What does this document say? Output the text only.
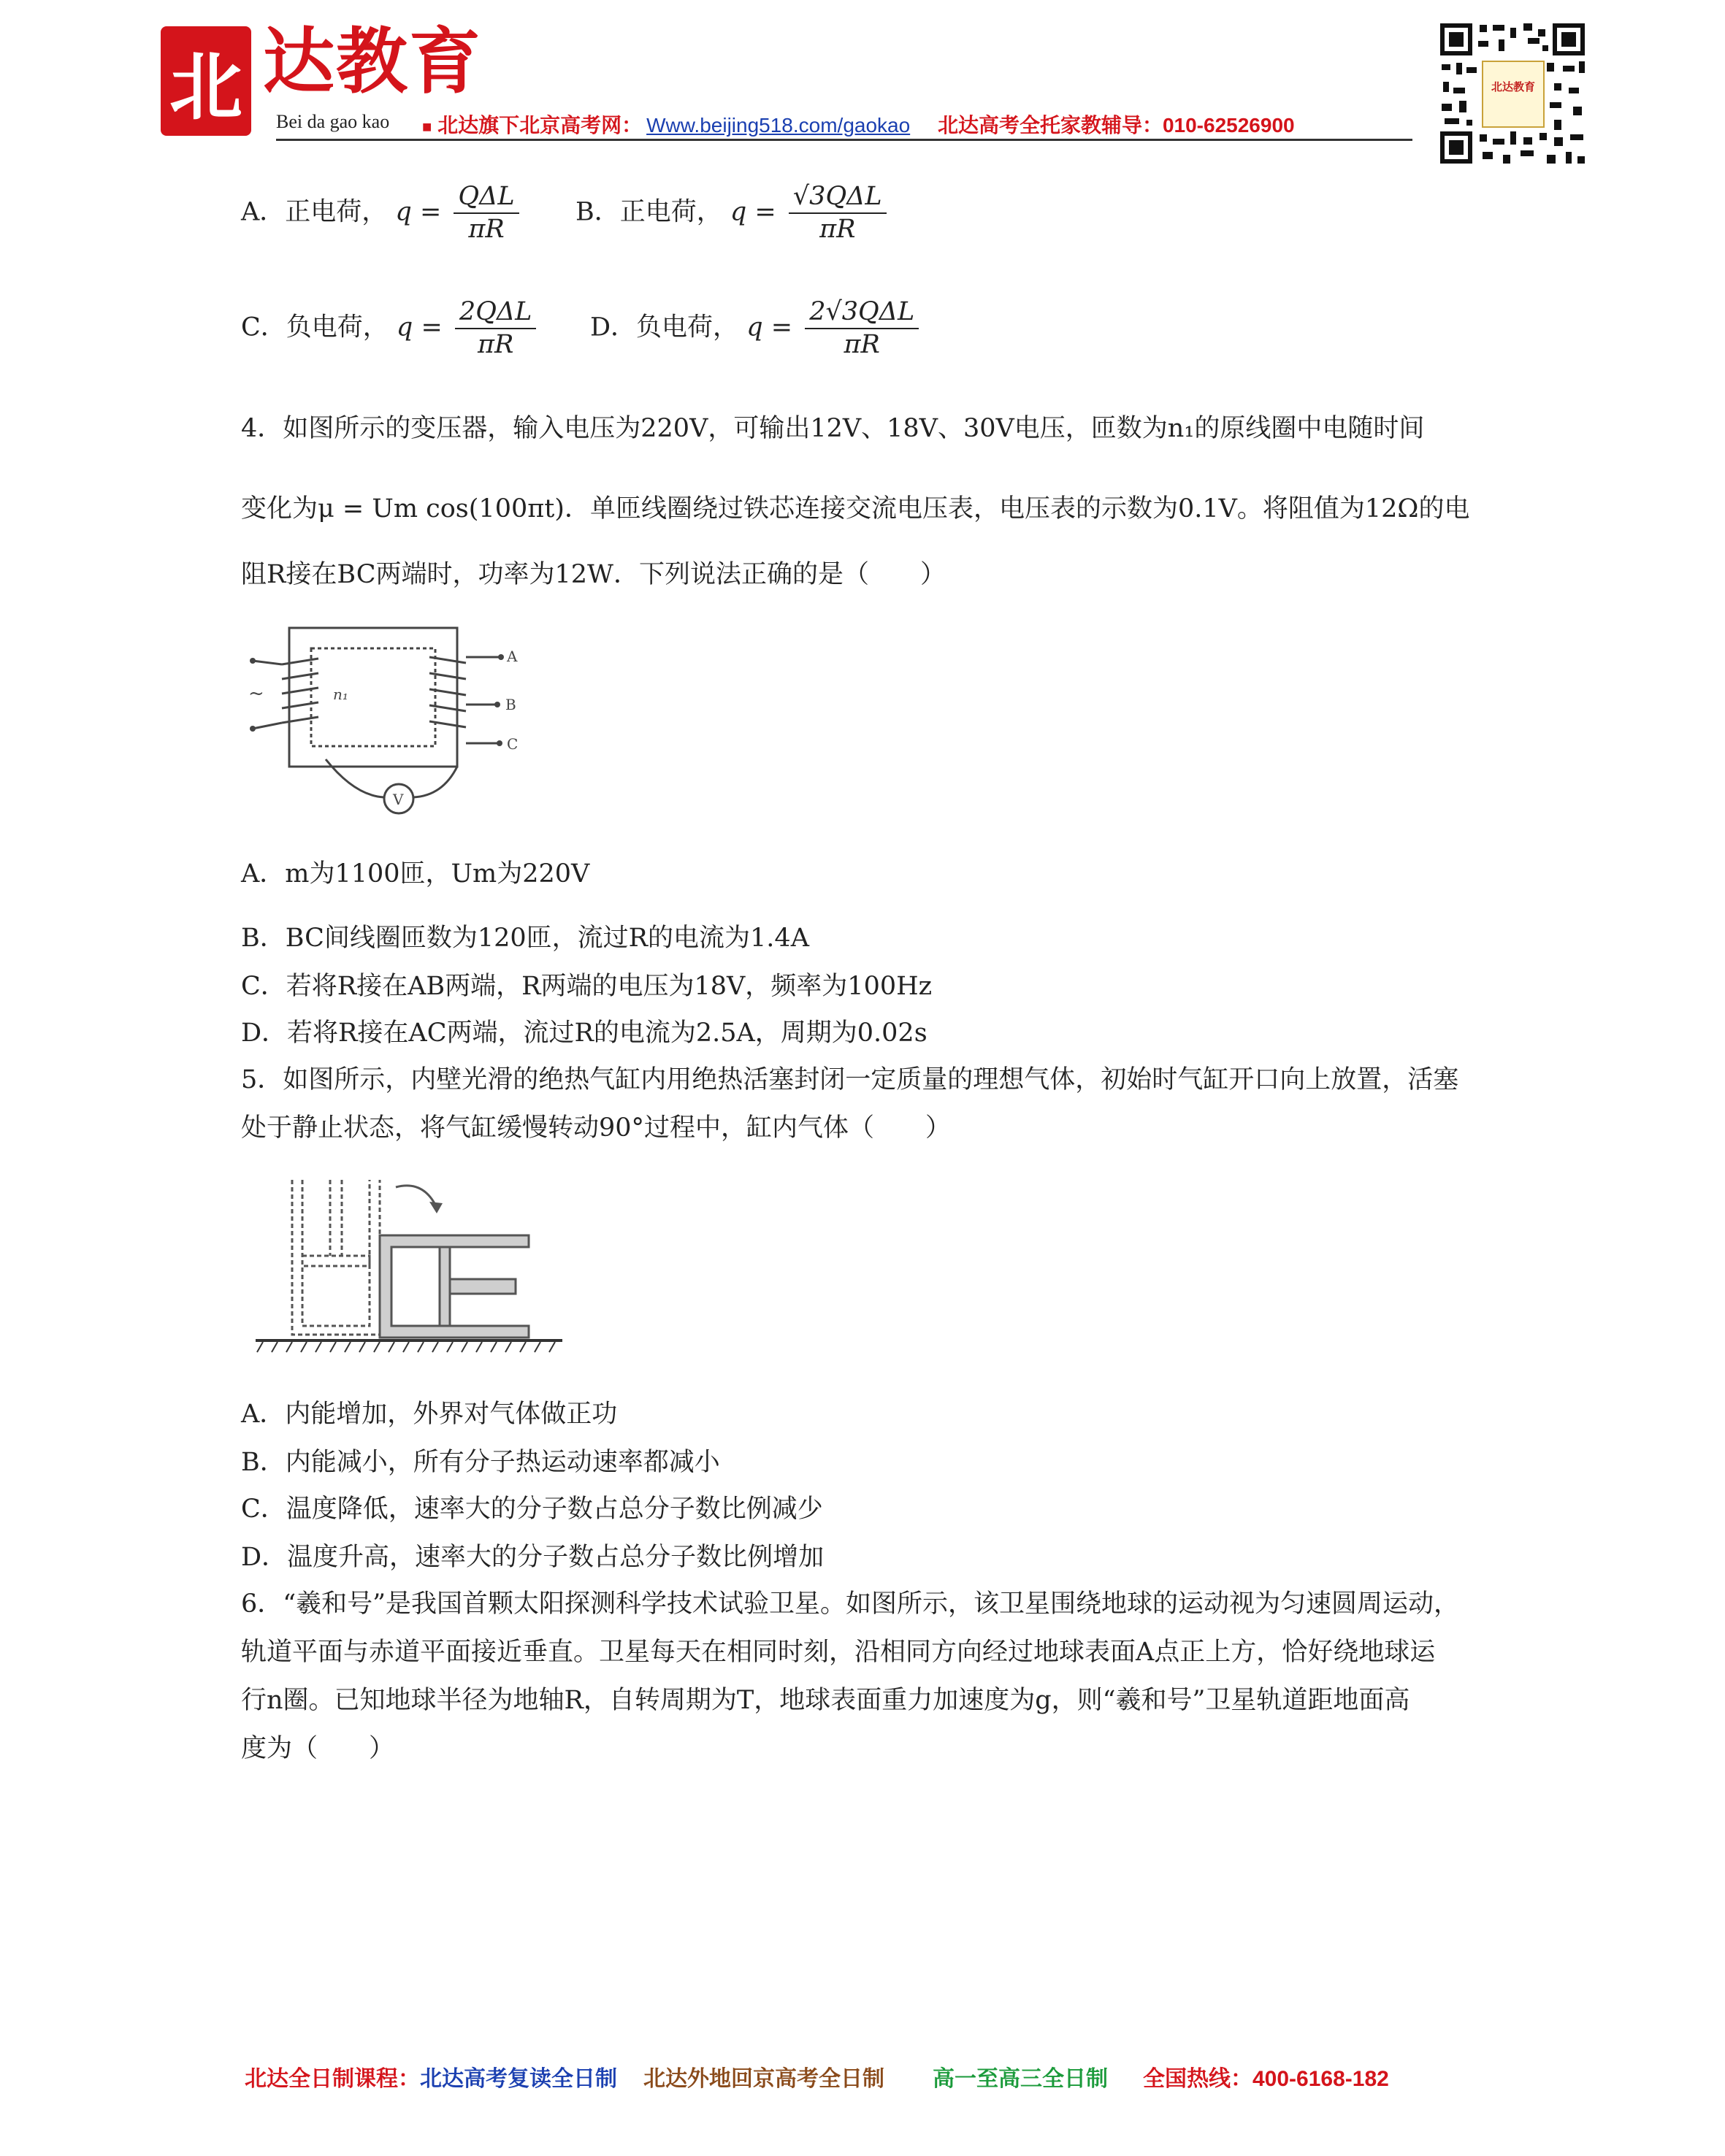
北 达教育
Bei da gao kao ■ 北达旗下北京高考网： Www.beijing518.com/gaokao 北达高考全托家教辅导：010-62526900
北达教育
A．正电荷， $q = \frac{\text{QΔL}}{\pi R}$ B．正电荷， $q = \frac{\text{√3QΔL}}{\pi R}$
C．负电荷， $q = \frac{\text{2QΔL}}{\pi R}$ D．负电荷， $q = \frac{\text{2√3QΔL}}{\pi R}$
4．如图所示的变压器，输入电压为220V，可输出12V、18V、30V电压，匝数为n₁的原线圈中电随时间
变化为μ = Um cos(100πt)．单匝线圈绕过铁芯连接交流电压表，电压表的示数为0.1V。将阻值为12Ω的电
阻R接在BC两端时，功率为12W．下列说法正确的是（　　）
~	n₁
A
B
C
V
A．m为1100匝，Um为220V
B．BC间线圈匝数为120匝，流过R的电流为1.4A
C．若将R接在AB两端，R两端的电压为18V，频率为100Hz
D．若将R接在AC两端，流过R的电流为2.5A，周期为0.02s
5．如图所示，内壁光滑的绝热气缸内用绝热活塞封闭一定质量的理想气体，初始时气缸开口向上放置，活塞
处于静止状态，将气缸缓慢转动90°过程中，缸内气体（　　）
A．内能增加，外界对气体做正功
B．内能减小，所有分子热运动速率都减小
C．温度降低，速率大的分子数占总分子数比例减少
D．温度升高，速率大的分子数占总分子数比例增加
6．“羲和号”是我国首颗太阳探测科学技术试验卫星。如图所示，该卫星围绕地球的运动视为匀速圆周运动，
轨道平面与赤道平面接近垂直。卫星每天在相同时刻，沿相同方向经过地球表面A点正上方，恰好绕地球运
行n圈。已知地球半径为地轴R，自转周期为T，地球表面重力加速度为g，则“羲和号”卫星轨道距地面高
度为（　　）
北达全日制课程：北达高考复读全日制 北达外地回京高考全日制 高一至高三全日制 全国热线：400-6168-182
